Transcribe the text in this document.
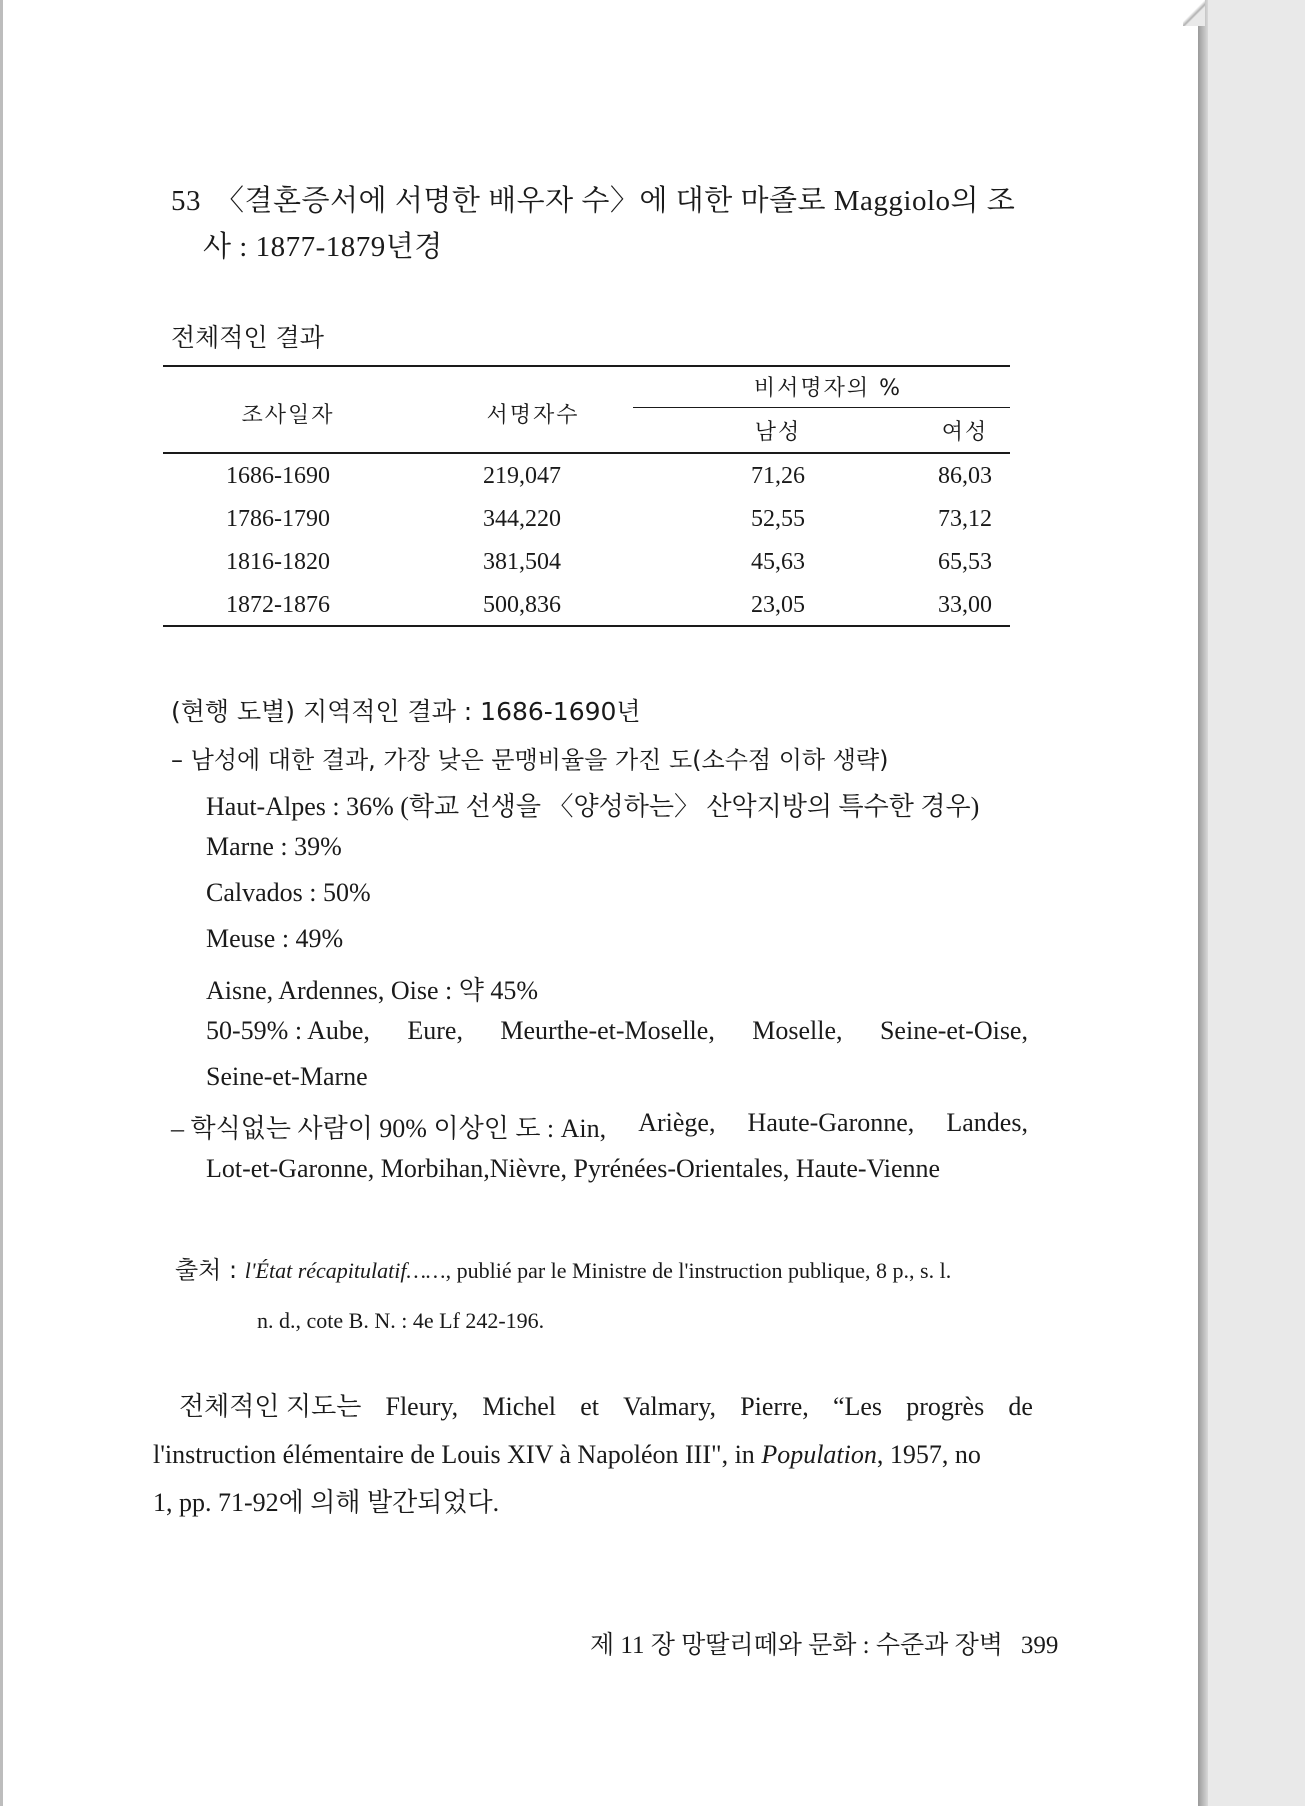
53 〈결혼증서에 서명한 배우자 수〉에 대한 마졸로 Maggiolo의 조
사 : 1877-1879년경
전체적인 결과
조사일자	서명자수
비서명자의 %
남성	여성
1686-1690	219,047	71,26	86,03
1786-1790	344,220	52,55	73,12
1816-1820	381,504	45,63	65,53
1872-1876	500,836	23,05	33,00
(현행 도별) 지역적인 결과 : 1686-1690년
– 남성에 대한 결과, 가장 낮은 문맹비율을 가진 도(소수점 이하 생략)
Haut-Alpes : 36% (학교 선생을 〈양성하는〉 산악지방의 특수한 경우)
Marne : 39%
Calvados : 50%
Meuse : 49%
Aisne, Ardennes, Oise : 약 45%
50-59% : Aube, Eure, Meurthe-et-Moselle, Moselle, Seine-et-Oise,
Seine-et-Marne
– 학식없는 사람이 90% 이상인 도 : Ain, Ariège, Haute-Garonne, Landes,
Lot-et-Garonne, Morbihan,Nièvre, Pyrénées-Orientales, Haute-Vienne
출처 : l'État récapitulatif……, publié par le Ministre de l'instruction publique, 8 p., s. l.
n. d., cote B. N. : 4e Lf 242-196.
전체적인 지도는 Fleury, Michel et Valmary, Pierre, “Les progrès de
l'instruction élémentaire de Louis XIV à Napoléon III", in Population, 1957, no
1, pp. 71-92에 의해 발간되었다.
제 11 장 망딸리떼와 문화 : 수준과 장벽 399
